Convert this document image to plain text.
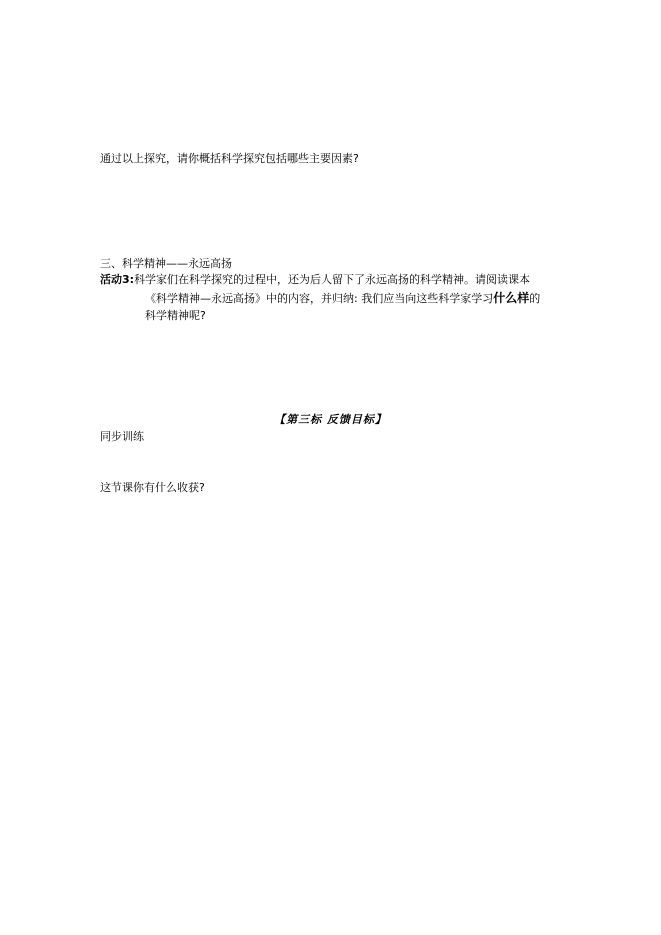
通过以上探究，请你概括科学探究包括哪些主要因素?
三、科学精神——永远高扬
活动3:科学家们在科学探究的过程中，还为后人留下了永远高扬的科学精神。请阅读课本
《科学精神—永远高扬》中的内容，并归纳: 我们应当向这些科学家学习什么样的
科学精神呢?
【第三标 反馈目标】
同步训练
这节课你有什么收获?
